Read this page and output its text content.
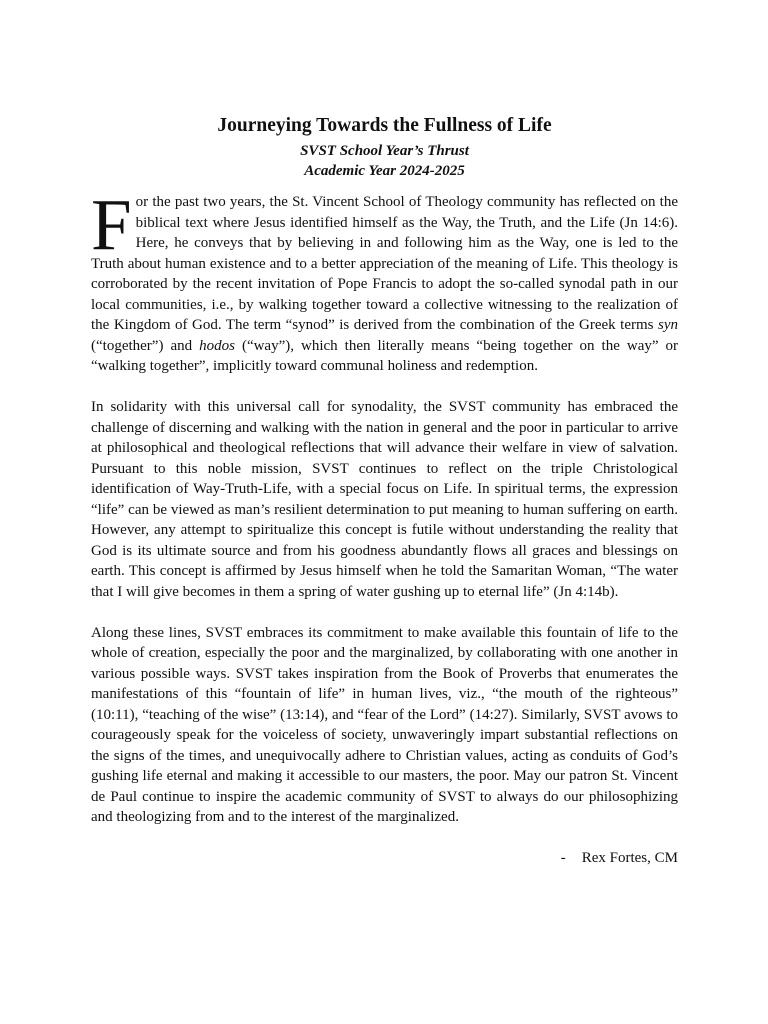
Journeying Towards the Fullness of Life

SVST School Year’s Thrust

Academic Year 2024-2025

For the past two years, the St. Vincent School of Theology community has reflected on the biblical text where Jesus identified himself as the Way, the Truth, and the Life (Jn 14:6). Here, he conveys that by believing in and following him as the Way, one is led to the Truth about human existence and to a better appreciation of the meaning of Life. This theology is corroborated by the recent invitation of Pope Francis to adopt the so-called synodal path in our local communities, i.e., by walking together toward a collective witnessing to the realization of the Kingdom of God. The term “synod” is derived from the combination of the Greek terms syn (“together”) and hodos (“way”), which then literally means “being together on the way” or “walking together”, implicitly toward communal holiness and redemption.

In solidarity with this universal call for synodality, the SVST community has embraced the challenge of discerning and walking with the nation in general and the poor in particular to arrive at philosophical and theological reflections that will advance their welfare in view of salvation. Pursuant to this noble mission, SVST continues to reflect on the triple Christological identification of Way-Truth-Life, with a special focus on Life. In spiritual terms, the expression “life” can be viewed as man’s resilient determination to put meaning to human suffering on earth. However, any attempt to spiritualize this concept is futile without understanding the reality that God is its ultimate source and from his goodness abundantly flows all graces and blessings on earth. This concept is affirmed by Jesus himself when he told the Samaritan Woman, “The water that I will give becomes in them a spring of water gushing up to eternal life” (Jn 4:14b).

Along these lines, SVST embraces its commitment to make available this fountain of life to the whole of creation, especially the poor and the marginalized, by collaborating with one another in various possible ways. SVST takes inspiration from the Book of Proverbs that enumerates the manifestations of this “fountain of life” in human lives, viz., “the mouth of the righteous” (10:11), “teaching of the wise” (13:14), and “fear of the Lord” (14:27). Similarly, SVST avows to courageously speak for the voiceless of society, unwaveringly impart substantial reflections on the signs of the times, and unequivocally adhere to Christian values, acting as conduits of God’s gushing life eternal and making it accessible to our masters, the poor. May our patron St. Vincent de Paul continue to inspire the academic community of SVST to always do our philosophizing and theologizing from and to the interest of the marginalized.

- Rex Fortes, CM
